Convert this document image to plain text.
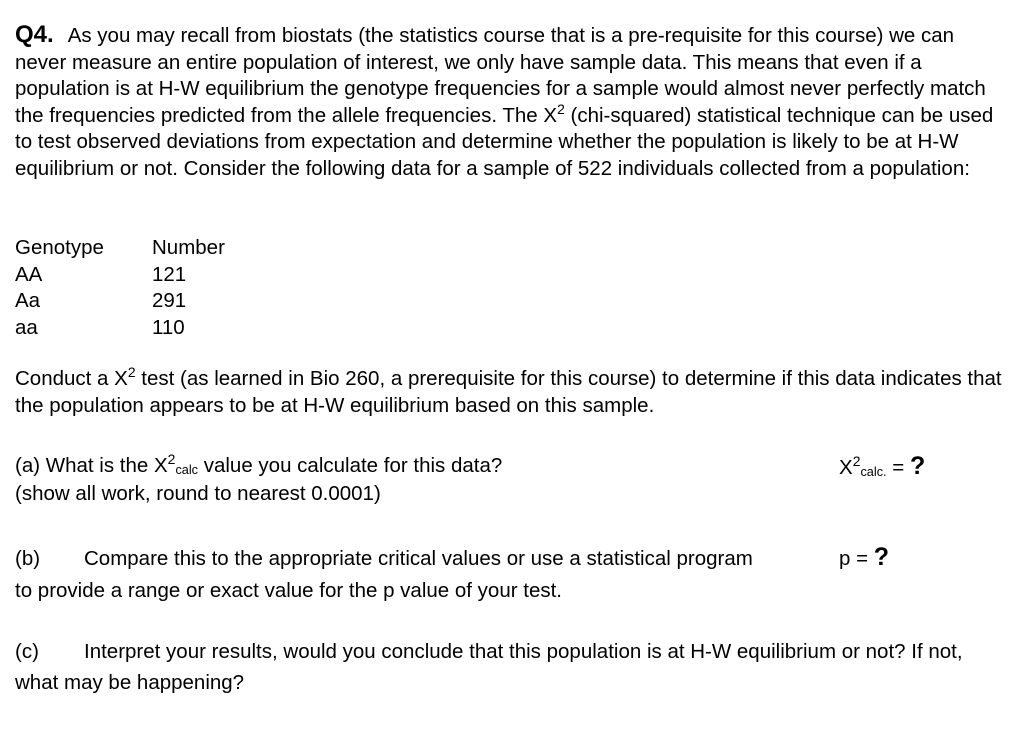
Q4. As you may recall from biostats (the statistics course that is a pre-requisite for this course) we can never measure an entire population of interest, we only have sample data. This means that even if a population is at H-W equilibrium the genotype frequencies for a sample would almost never perfectly match the frequencies predicted from the allele frequencies. The $X^2$ (chi-squared) statistical technique can be used to test observed deviations from expectation and determine whether the population is likely to be at H-W equilibrium or not. Consider the following data for a sample of 522 individuals collected from a population:
Genotype	Number
AA	121
Aa	291
aa	110
Conduct a $X^2$ test (as learned in Bio 260, a prerequisite for this course) to determine if this data indicates that the population appears to be at H-W equilibrium based on this sample.
(a) What is the $X^2calc$ value you calculate for this data?
(show all work, round to nearest 0.0001)
$X^2calc$. = ?
(b) Compare this to the appropriate critical values or use a statistical program to provide a range or exact value for the p value of your test.
p = ?
(c) Interpret your results, would you conclude that this population is at H-W equilibrium or not? If not, what may be happening?
